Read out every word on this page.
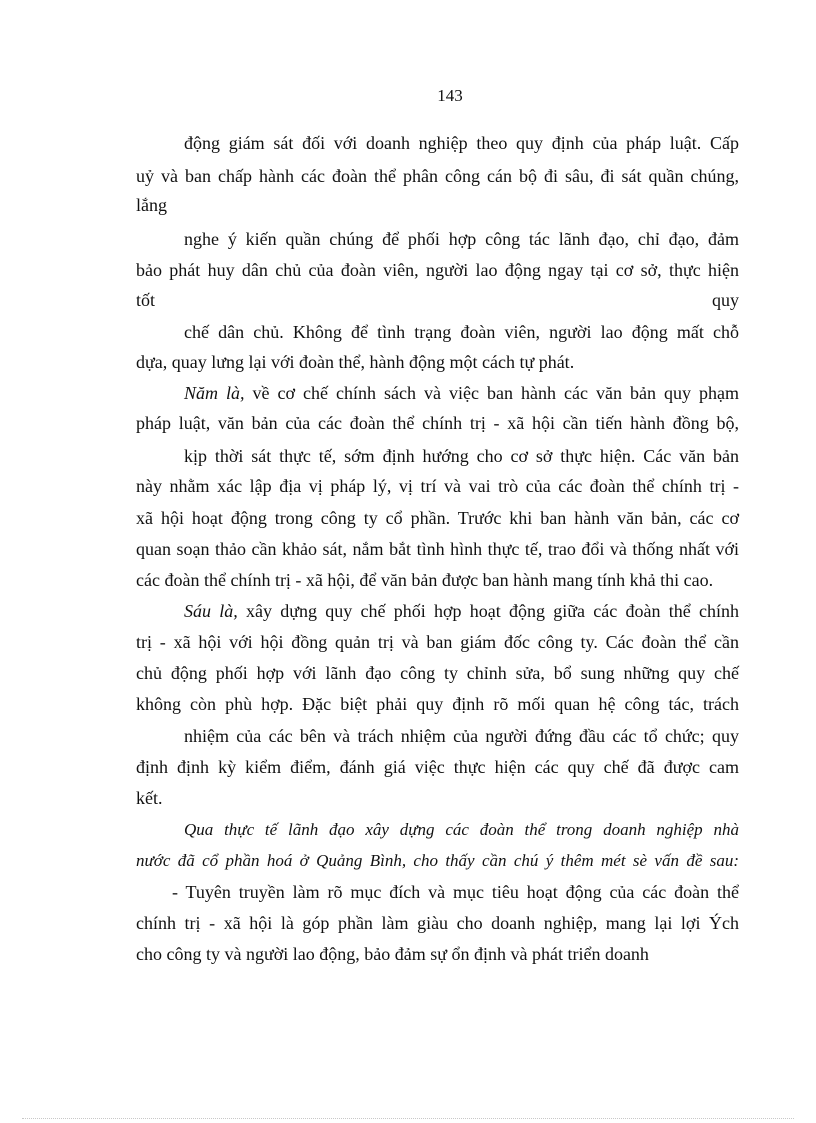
143
động giám sát đối với doanh nghiệp theo quy định của pháp luật. Cấp
uỷ và ban chấp hành các đoàn thể phân công cán bộ đi sâu, đi sát quần chúng,
lắng
nghe ý kiến quần chúng để phối hợp công tác lãnh đạo, chỉ đạo, đảm
bảo phát huy dân chủ của đoàn viên, người lao động ngay tại cơ sở, thực hiện
tốt	quy
chế dân chủ. Không để tình trạng đoàn viên, người lao động mất chỗ
dựa, quay lưng lại với đoàn thể, hành động một cách tự phát.
Năm là, về cơ chế chính sách và việc ban hành các văn bản quy phạm
pháp luật, văn bản của các đoàn thể chính trị - xã hội cần tiến hành đồng bộ,
kịp thời sát thực tế, sớm định hướng cho cơ sở thực hiện. Các văn bản
này nhằm xác lập địa vị pháp lý, vị trí và vai trò của các đoàn thể chính trị -
xã hội hoạt động trong công ty cổ phần. Trước khi ban hành văn bản, các cơ
quan soạn thảo cần khảo sát, nắm bắt tình hình thực tế, trao đổi và thống nhất với
các đoàn thể chính trị - xã hội, để văn bản được ban hành mang tính khả thi cao.
Sáu là, xây dựng quy chế phối hợp hoạt động giữa các đoàn thể chính
trị - xã hội với hội đồng quản trị và ban giám đốc công ty. Các đoàn thể cần
chủ động phối hợp với lãnh đạo công ty chỉnh sửa, bổ sung những quy chế
không còn phù hợp. Đặc biệt phải quy định rõ mối quan hệ công tác, trách
nhiệm của các bên và trách nhiệm của người đứng đầu các tổ chức; quy
định định kỳ kiểm điểm, đánh giá việc thực hiện các quy chế đã được cam
kết.
Qua thực tế lãnh đạo xây dựng các đoàn thể trong doanh nghiệp nhà
nước đã cổ phần hoá ở Quảng Bình, cho thấy cần chú ý thêm mét sè vấn đề sau:
- Tuyên truyền làm rõ mục đích và mục tiêu hoạt động của các đoàn thể
chính trị - xã hội là góp phần làm giàu cho doanh nghiệp, mang lại lợi Ých
cho công ty và người lao động, bảo đảm sự ổn định và phát triển doanh
